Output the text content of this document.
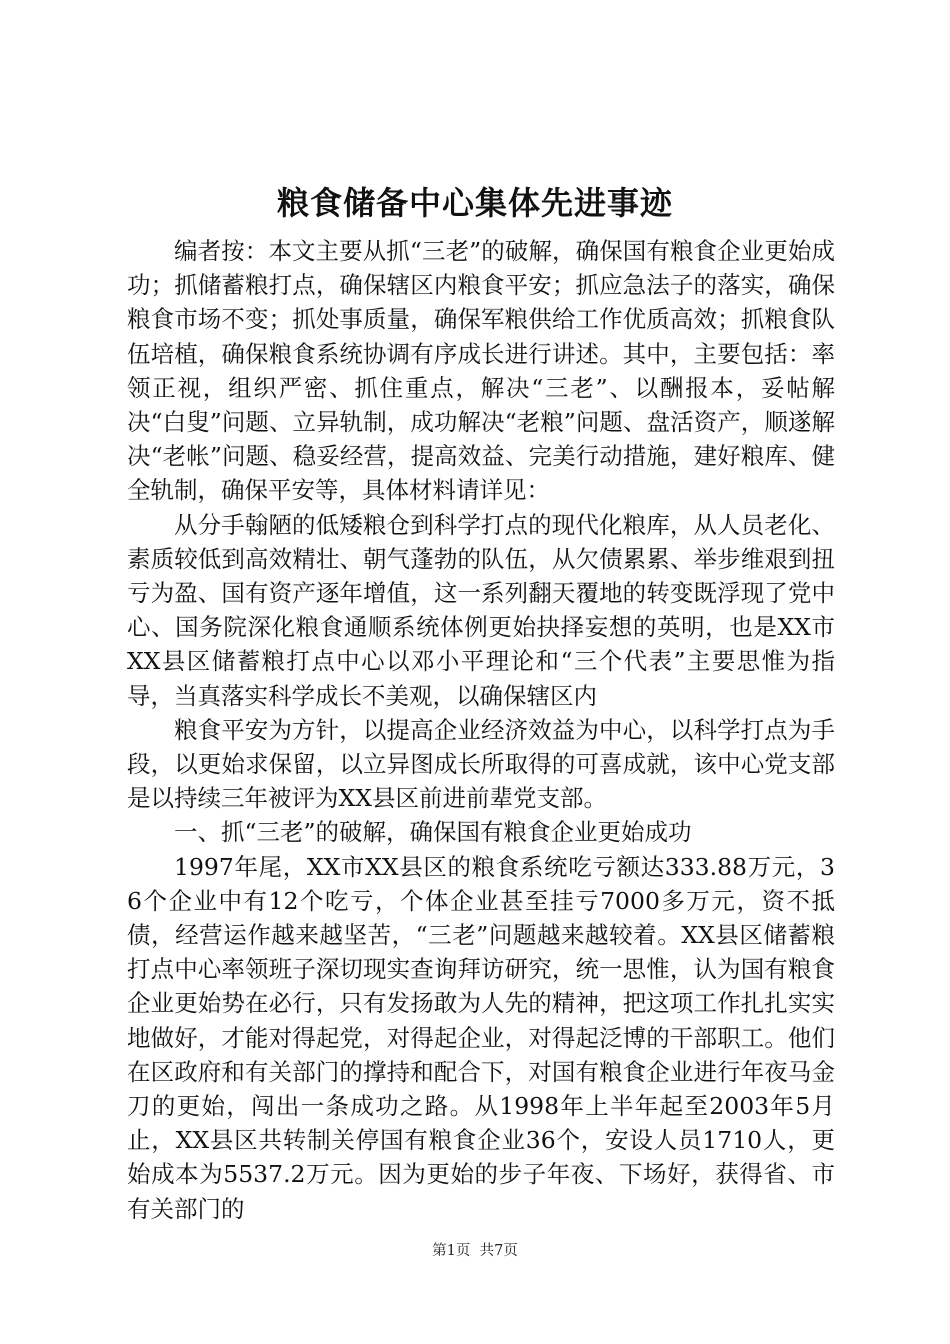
粮食储备中心集体先进事迹

编者按：本文主要从抓“三老”的破解，确保国有粮食企业更始成功；抓储蓄粮打点，确保辖区内粮食平安；抓应急法子的落实，确保粮食市场不变；抓处事质量，确保军粮供给工作优质高效；抓粮食队伍培植，确保粮食系统协调有序成长进行讲述。其中，主要包括：率领正视，组织严密、抓住重点，解决“三老”、以酬报本，妥帖解决“白叟”问题、立异轨制，成功解决“老粮”问题、盘活资产，顺遂解决“老帐”问题、稳妥经营，提高效益、完美行动措施，建好粮库、健全轨制，确保平安等，具体材料请详见：

从分手翰陋的低矮粮仓到科学打点的现代化粮库，从人员老化、素质较低到高效精壮、朝气蓬勃的队伍，从欠债累累、举步维艰到扭亏为盈、国有资产逐年增值，这一系列翻天覆地的转变既浮现了党中心、国务院深化粮食通顺系统体例更始抉择妄想的英明，也是XX市XX县区储蓄粮打点中心以邓小平理论和“三个代表”主要思惟为指导，当真落实科学成长不美观，以确保辖区内

粮食平安为方针，以提高企业经济效益为中心，以科学打点为手段，以更始求保留，以立异图成长所取得的可喜成就，该中心党支部是以持续三年被评为XX县区前进前辈党支部。

一、抓“三老”的破解，确保国有粮食企业更始成功

1997年尾，XX市XX县区的粮食系统吃亏额达333.88万元，36个企业中有12个吃亏，个体企业甚至挂亏7000多万元，资不抵债，经营运作越来越坚苦，“三老”问题越来越较着。XX县区储蓄粮打点中心率领班子深切现实查询拜访研究，统一思惟，认为国有粮食企业更始势在必行，只有发扬敢为人先的精神，把这项工作扎扎实实地做好，才能对得起党，对得起企业，对得起泛博的干部职工。他们在区政府和有关部门的撑持和配合下，对国有粮食企业进行年夜马金刀的更始，闯出一条成功之路。从1998年上半年起至2003年5月止，XX县区共转制关停国有粮食企业36个，安设人员1710人，更始成本为5537.2万元。因为更始的步子年夜、下场好，获得省、市有关部门的

第1页 共7页
